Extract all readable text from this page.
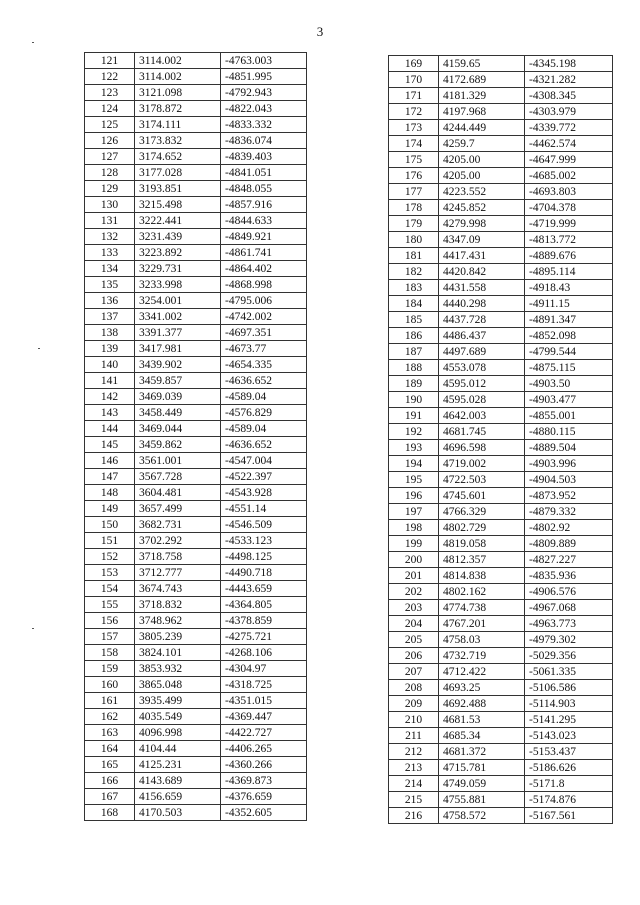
3
121	3114.002	-4763.003
122	3114.002	-4851.995
123	3121.098	-4792.943
124	3178.872	-4822.043
125	3174.111	-4833.332
126	3173.832	-4836.074
127	3174.652	-4839.403
128	3177.028	-4841.051
129	3193.851	-4848.055
130	3215.498	-4857.916
131	3222.441	-4844.633
132	3231.439	-4849.921
133	3223.892	-4861.741
134	3229.731	-4864.402
135	3233.998	-4868.998
136	3254.001	-4795.006
137	3341.002	-4742.002
138	3391.377	-4697.351
139	3417.981	-4673.77
140	3439.902	-4654.335
141	3459.857	-4636.652
142	3469.039	-4589.04
143	3458.449	-4576.829
144	3469.044	-4589.04
145	3459.862	-4636.652
146	3561.001	-4547.004
147	3567.728	-4522.397
148	3604.481	-4543.928
149	3657.499	-4551.14
150	3682.731	-4546.509
151	3702.292	-4533.123
152	3718.758	-4498.125
153	3712.777	-4490.718
154	3674.743	-4443.659
155	3718.832	-4364.805
156	3748.962	-4378.859
157	3805.239	-4275.721
158	3824.101	-4268.106
159	3853.932	-4304.97
160	3865.048	-4318.725
161	3935.499	-4351.015
162	4035.549	-4369.447
163	4096.998	-4422.727
164	4104.44	-4406.265
165	4125.231	-4360.266
166	4143.689	-4369.873
167	4156.659	-4376.659
168	4170.503	-4352.605
169	4159.65	-4345.198
170	4172.689	-4321.282
171	4181.329	-4308.345
172	4197.968	-4303.979
173	4244.449	-4339.772
174	4259.7	-4462.574
175	4205.00	-4647.999
176	4205.00	-4685.002
177	4223.552	-4693.803
178	4245.852	-4704.378
179	4279.998	-4719.999
180	4347.09	-4813.772
181	4417.431	-4889.676
182	4420.842	-4895.114
183	4431.558	-4918.43
184	4440.298	-4911.15
185	4437.728	-4891.347
186	4486.437	-4852.098
187	4497.689	-4799.544
188	4553.078	-4875.115
189	4595.012	-4903.50
190	4595.028	-4903.477
191	4642.003	-4855.001
192	4681.745	-4880.115
193	4696.598	-4889.504
194	4719.002	-4903.996
195	4722.503	-4904.503
196	4745.601	-4873.952
197	4766.329	-4879.332
198	4802.729	-4802.92
199	4819.058	-4809.889
200	4812.357	-4827.227
201	4814.838	-4835.936
202	4802.162	-4906.576
203	4774.738	-4967.068
204	4767.201	-4963.773
205	4758.03	-4979.302
206	4732.719	-5029.356
207	4712.422	-5061.335
208	4693.25	-5106.586
209	4692.488	-5114.903
210	4681.53	-5141.295
211	4685.34	-5143.023
212	4681.372	-5153.437
213	4715.781	-5186.626
214	4749.059	-5171.8
215	4755.881	-5174.876
216	4758.572	-5167.561
